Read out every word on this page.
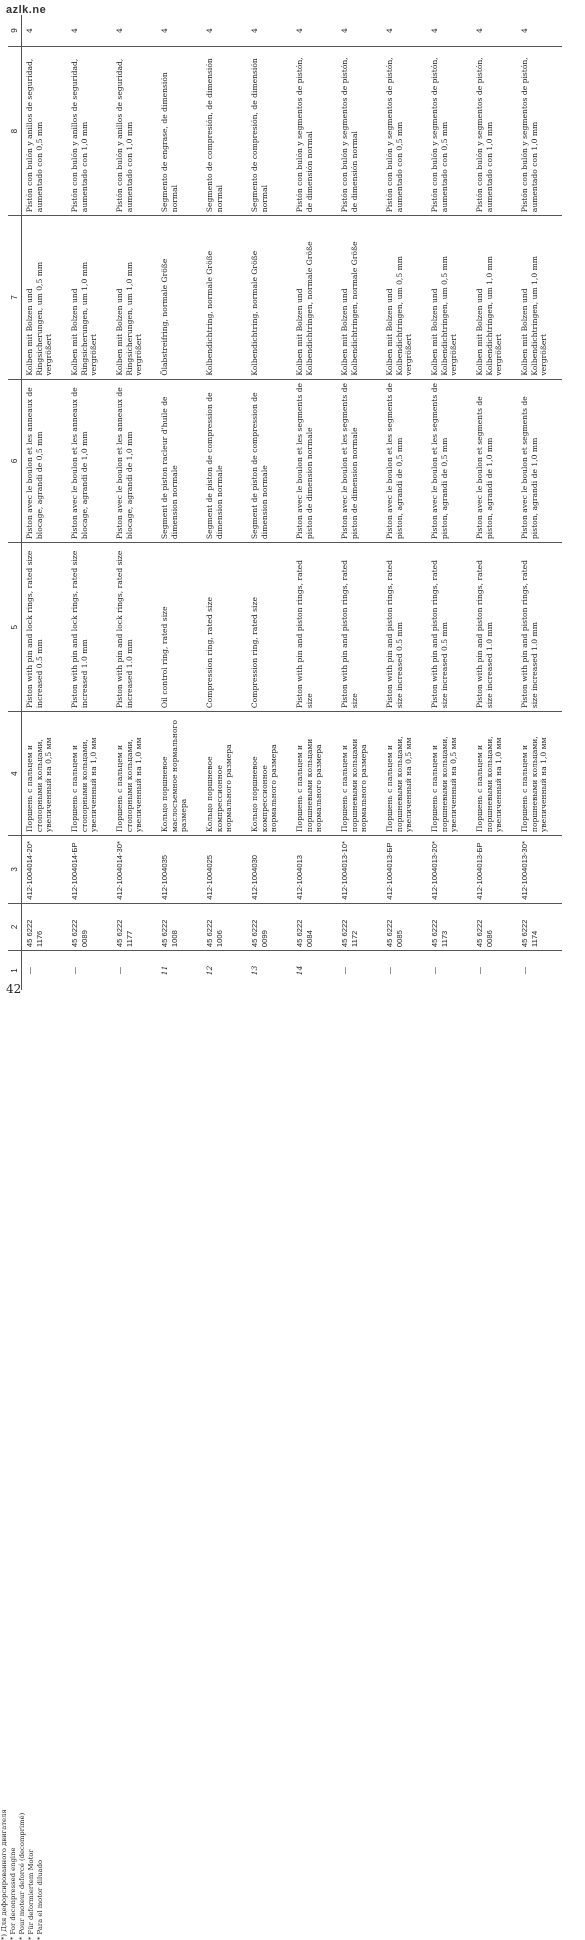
azlk.ne
1	2	3	4	5	6	7	8	9
—	45 6222 1176	412-1004014-20*	Поршень с пальцем и стопорными кольцами, увеличенный на 0,5 мм	Piston with pin and lock rings, rated size increased 0.5 mm	Piston avec le boulon et les anneaux de blocage, agrandi de 0,5 mm	Kolben mit Bolzen und Ringsicherungen, um 0,5 mm vergrößert	Pistón con bulón y anillos de seguridad, aumentado con 0,5 mm	4
—	45 6222 0089	412-1004014-БР	Поршень с пальцем и стопорными кольцами, увеличенный на 1,0 мм	Piston with pin and lock rings, rated size increased 1.0 mm	Piston avec le boulon et les anneaux de blocage, agrandi de 1,0 mm	Kolben mit Bolzen und Ringsicherungen, um 1,0 mm vergrößert	Pistón con bulón y anillos de seguridad, aumentado con 1,0 mm	4
—	45 6222 1177	412-1004014-30*	Поршень с пальцем и стопорными кольцами, увеличенный на 1,0 мм	Piston with pin and lock rings, rated size increased 1.0 mm	Piston avec le boulon et les anneaux de blocage, agrandi de 1,0 mm	Kolben mit Bolzen und Ringsicherungen, um 1,0 mm vergrößert	Pistón con bulón y anillos de seguridad, aumentado con 1,0 mm	4
11	45 6222 1008	412-1004035	Кольцо поршневое маслосъемное нормального размера	Oil control ring, rated size	Segment de piston racleur d'huile de dimension normale	Ölabstreifring, normale Größe	Segmento de engrase, de dimensión normal	4
12	45 6222 1006	412-1004025	Кольцо поршневое компрессионное нормального размера	Compression ring, rated size	Segment de piston de compression de dimension normale	Kolbendichtring, normale Größe	Segmento de compresión, de dimensión normal	4
13	45 6222 0099	412-1004030	Кольцо поршневое компрессионное нормального размера	Compression ring, rated size	Segment de piston de compression de dimension normale	Kolbendichtring, normale Größe	Segmento de compresión, de dimensión normal	4
14	45 6222 0084	412-1004013	Поршень с пальцем и поршневыми кольцами нормального размера	Piston with pin and piston rings, rated size	Piston avec le boulon et les segments de piston de dimension normale	Kolben mit Bolzen und Kolbendichtringen, normale Größe	Pistón con bulón y segmentos de pistón, de dimensión normal	4
—	45 6222 1172	412-1004013-10*	Поршень с пальцем и поршневыми кольцами нормального размера	Piston with pin and piston rings, rated size	Piston avec le boulon et les segments de piston de dimension normale	Kolben mit Bolzen und Kolbendichtringen, normale Größe	Pistón con bulón y segmentos de pistón, de dimensión normal	4
—	45 6222 0085	412-1004013-БР	Поршень с пальцем и поршневыми кольцами, увеличенный на 0,5 мм	Piston with pin and piston rings, rated size increased 0.5 mm	Piston avec le boulon et les segments de piston, agrandi de 0,5 mm	Kolben mit Bolzen und Kolbendichtringen, um 0,5 mm vergrößert	Pistón con bulón y segmentos de pistón, aumentado con 0,5 mm	4
—	45 6222 1173	412-1004013-20*	Поршень с пальцем и поршневыми кольцами, увеличенный на 0,5 мм	Piston with pin and piston rings, rated size increased 0.5 mm	Piston avec le boulon et les segments de piston, agrandi de 0,5 mm	Kolben mit Bolzen und Kolbendichtringen, um 0,5 mm vergrößert	Pistón con bulón y segmentos de pistón, aumentado con 0,5 mm	4
—	45 6222 0086	412-1004013-БР	Поршень с пальцем и поршневыми кольцами, увеличенный на 1,0 мм	Piston with pin and piston rings, rated size increased 1.0 mm	Piston avec le boulon et segments de piston, agrandi de 1,0 mm	Kolben mit Bolzen und Kolbendichtringen, um 1,0 mm vergrößert	Pistón con bulón y segmentos de pistón, aumentado con 1,0 mm	4
—	45 6222 1174	412-1004013-30*	Поршень с пальцем и поршневыми кольцами, увеличенный на 1,0 мм	Piston with pin and piston rings, rated size increased 1.0 mm	Piston avec le boulon et segments de piston, agrandi de 1,0 mm	Kolben mit Bolzen und Kolbendichtringen, um 1,0 mm vergrößert	Pistón con bulón y segmentos de pistón, aumentado con 1,0 mm	4
*) Для дефорсированного двигателя * For deconpressed engine * Pour moteur deforcé (decomprimé) * Für deformiertem Motor * Para el motor diluado
42
